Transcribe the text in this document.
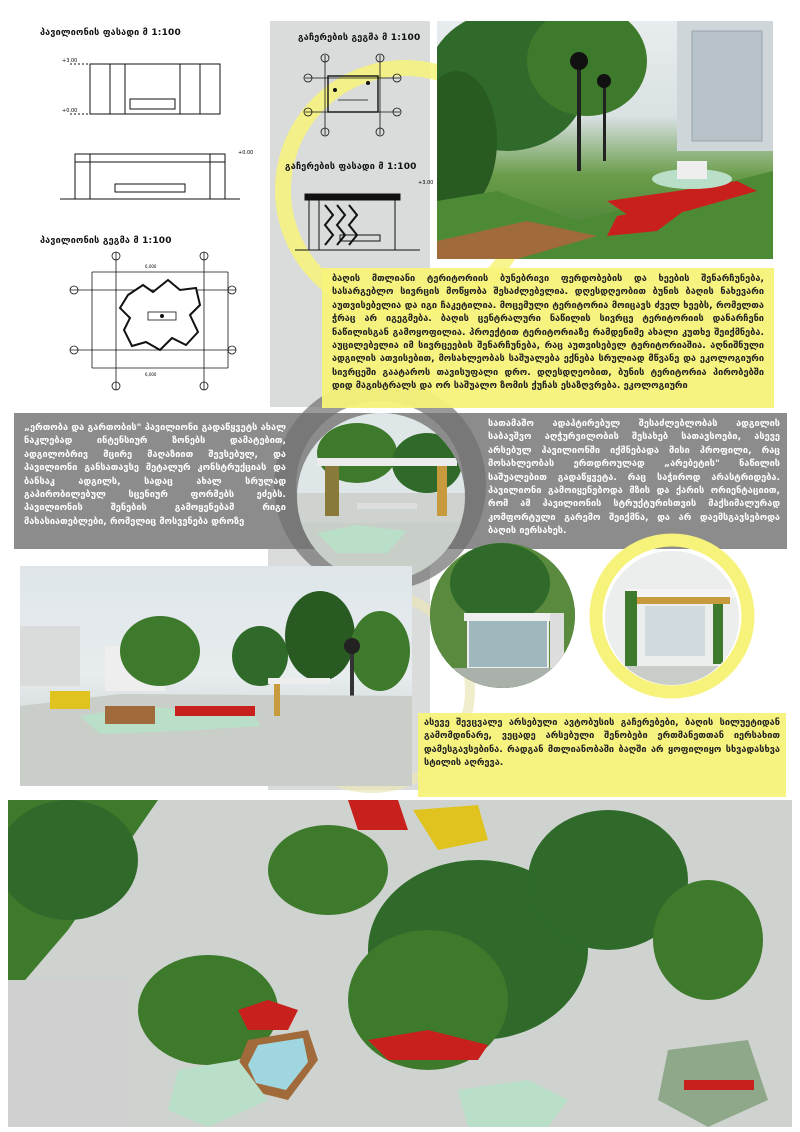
პავილიონის ფასადი მ 1:100
+3.00
+0.00
+0.00
პავილიონის გეგმა მ 1:100
6,000
6,000
გაჩერების გეგმა მ 1:100
გაჩერების ფასადი მ 1:100
+3.00
ბაღის მთლიანი ტერიტორიის ბუნებრივი ფერდობების და ხეების შენარჩუნება, სასარგებლო სივრცის მოწყობა შესაძლებელია. დღესდღეობით ბუნის ბაღის ნახევარი აუთვისებელია და იგი ჩაკეტილია. მოცემული ტერიტორია მოიცავს ძველ ხეებს, რომელთა ჭრაც არ იგეგმება. ბაღის ცენტრალური ნაწილის სივრცე ტერიტორიის დანარჩენი ნაწილისგან გამოყოფილია. პროექტით ტერიტორიაზე რამდენიმე ახალი კუთხე შეიქმნება. აუცილებელია იმ სივრცეების შენარჩუნება, რაც აუთვისებელ ტერიტორიაშია. აღნიშნული ადგილის ათვისებით, მოსახლეობას საშუალება ექნება სრულიად მწვანე და ეკოლოგიური სივრცეში გაატაროს თავისუფალი დრო. დღესდღეობით, ბუნის ტერიტორია პირობებში დიდ მაგისტრალს და ორ საშუალო ზომის ქუჩას ესაზღვრება. ეკოლოგიური
„ერთობა და გართობის" პავილიონი გადაწყვეტს ახალ ნაკლებად ინტენსიურ ზონებს დამატებით, ადგილობრივ მცირე მაღაზიით შევსებულ, და პავილიონი განსათავსე მეტალურ კონსტრუქციას და ბანსაკ ადგილს, სადაც ახალ სრულად გაპირობილებულ სცენიურ ფორმებს ეძებს. პავილიონის შენების გამოყენებამ რიგი მახასიათებლები, რომელიც მოსვენება დროზე
სათამაშო ადაპტირებულ შესაძლებლობას ადგილის საბავშვო აღჭურვილობის შესახებ სათავსოები, ასევე არსებულ პავილიონში იქმნებადა მისი პროფილი, რაც მოსახლეობას ერთდროულად „არებეტის" ნაწილის საშუალებით გადაწყვეტა. რაც საჭიროდ არასტრიდება. პავილიონი გამოიყენებოდა მზის და ქარის ორიენტაციით, რომ ამ პავილიონის სტრუქტურისთვის მაქსიმალურად კომფორტული გარემო შეიქმნა, და არ დაემსგავსებოდა ბაღის იერსახეს.
ასევე შევცვალე არსებული ავტობუსის გაჩერებები, ბაღის სილუეტიდან გამომდინარე, ვეცადე არსებული შენობები ერთმანეთთან იერსახით დამესგავსებინა. რადგან მთლიანობაში ბაღში არ ყოფილიყო სხვადასხვა სტილის აღრევა.
